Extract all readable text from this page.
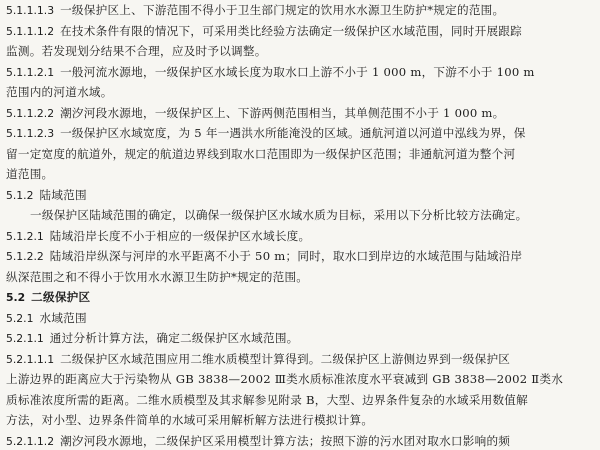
5.1.1.1.3 一级保护区上、下游范围不得小于卫生部门规定的饮用水水源卫生防护*规定的范围。
5.1.1.1.2 在技术条件有限的情况下，可采用类比经验方法确定一级保护区水域范围，同时开展跟踪
监测。若发现划分结果不合理，应及时予以调整。
5.1.1.2.1 一般河流水源地，一级保护区水域长度为取水口上游不小于 1 000 m，下游不小于 100 m
范围内的河道水域。
5.1.1.2.2 潮汐河段水源地，一级保护区上、下游两侧范围相当，其单侧范围不小于 1 000 m。
5.1.1.2.3 一级保护区水域宽度，为 5 年一遇洪水所能淹没的区域。通航河道以河道中泓线为界，保
留一定宽度的航道外，规定的航道边界线到取水口范围即为一级保护区范围；非通航河道为整个河
道范围。
5.1.2 陆域范围
一级保护区陆域范围的确定，以确保一级保护区水域水质为目标，采用以下分析比较方法确定。
5.1.2.1 陆域沿岸长度不小于相应的一级保护区水域长度。
5.1.2.2 陆域沿岸纵深与河岸的水平距离不小于 50 m；同时，取水口到岸边的水域范围与陆域沿岸
纵深范围之和不得小于饮用水水源卫生防护*规定的范围。
5.2 二级保护区
5.2.1 水域范围
5.2.1.1 通过分析计算方法，确定二级保护区水域范围。
5.2.1.1.1 二级保护区水域范围应用二维水质模型计算得到。二级保护区上游侧边界到一级保护区
上游边界的距离应大于污染物从 GB 3838—2002 Ⅲ类水质标准浓度水平衰减到 GB 3838—2002 Ⅱ类水
质标准浓度所需的距离。二维水质模型及其求解参见附录 B，大型、边界条件复杂的水域采用数值解
方法，对小型、边界条件简单的水域可采用解析解方法进行模拟计算。
5.2.1.1.2 潮汐河段水源地，二级保护区采用模型计算方法；按照下游的污水团对取水口影响的频
